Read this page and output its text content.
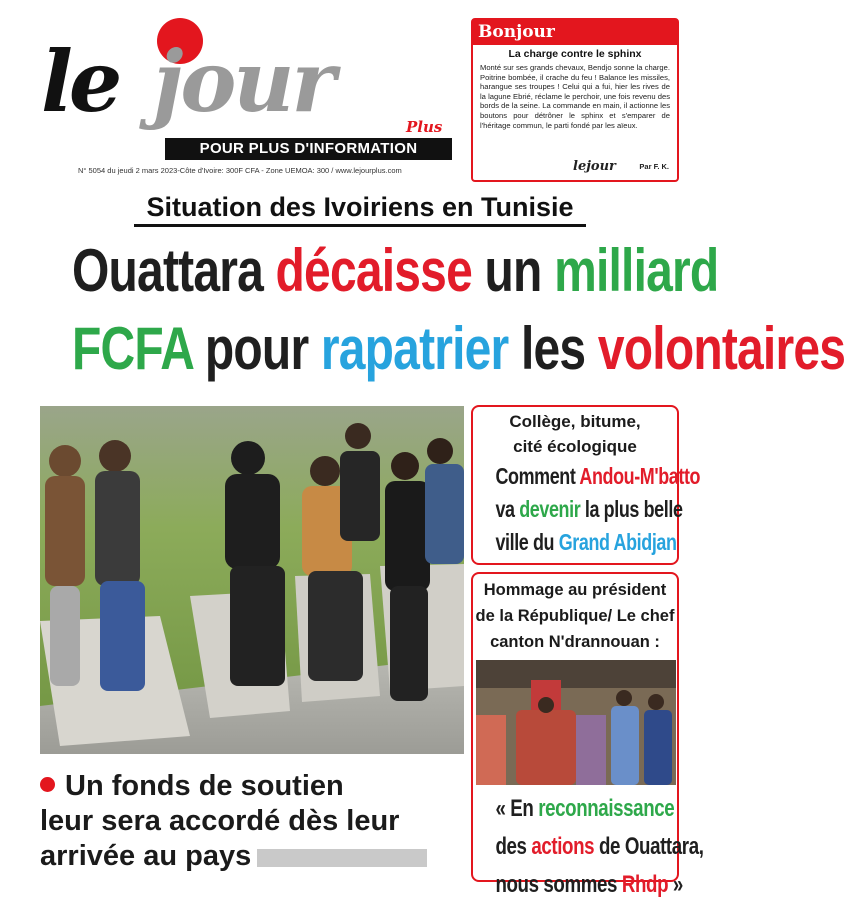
le jour	Plus
POUR PLUS D'INFORMATION
N° 5054 du jeudi 2 mars 2023-Côte d'Ivoire: 300F CFA - Zone UEMOA: 300 / www.lejourplus.com
Bonjour
La charge contre le sphinx
Monté sur ses grands chevaux, Bendjo sonne la charge. Poitrine bombée, il crache du feu ! Balance les missiles, harangue ses troupes ! Celui qui a fui, hier les rives de la lagune Ebrié, réclame le perchoir, une fois revenu des bords de la seine. La commande en main, il actionne les boutons pour détrôner le sphinx et s'emparer de l'héritage commun, le parti fondé par les aïeux.
lejour	Par F. K.
Situation des Ivoiriens en Tunisie
Ouattara décaisse un milliard
FCFA pour rapatrier les volontaires
Un fonds de soutien
leur sera accordé dès leur
arrivée au pays
Collège, bitume,
cité écologique
Comment Andou-M'batto
va devenir la plus belle
ville du Grand Abidjan
Hommage au président
de la République/ Le chef
canton N'drannouan :
« En reconnaissance
des actions de Ouattara,
nous sommes Rhdp »
